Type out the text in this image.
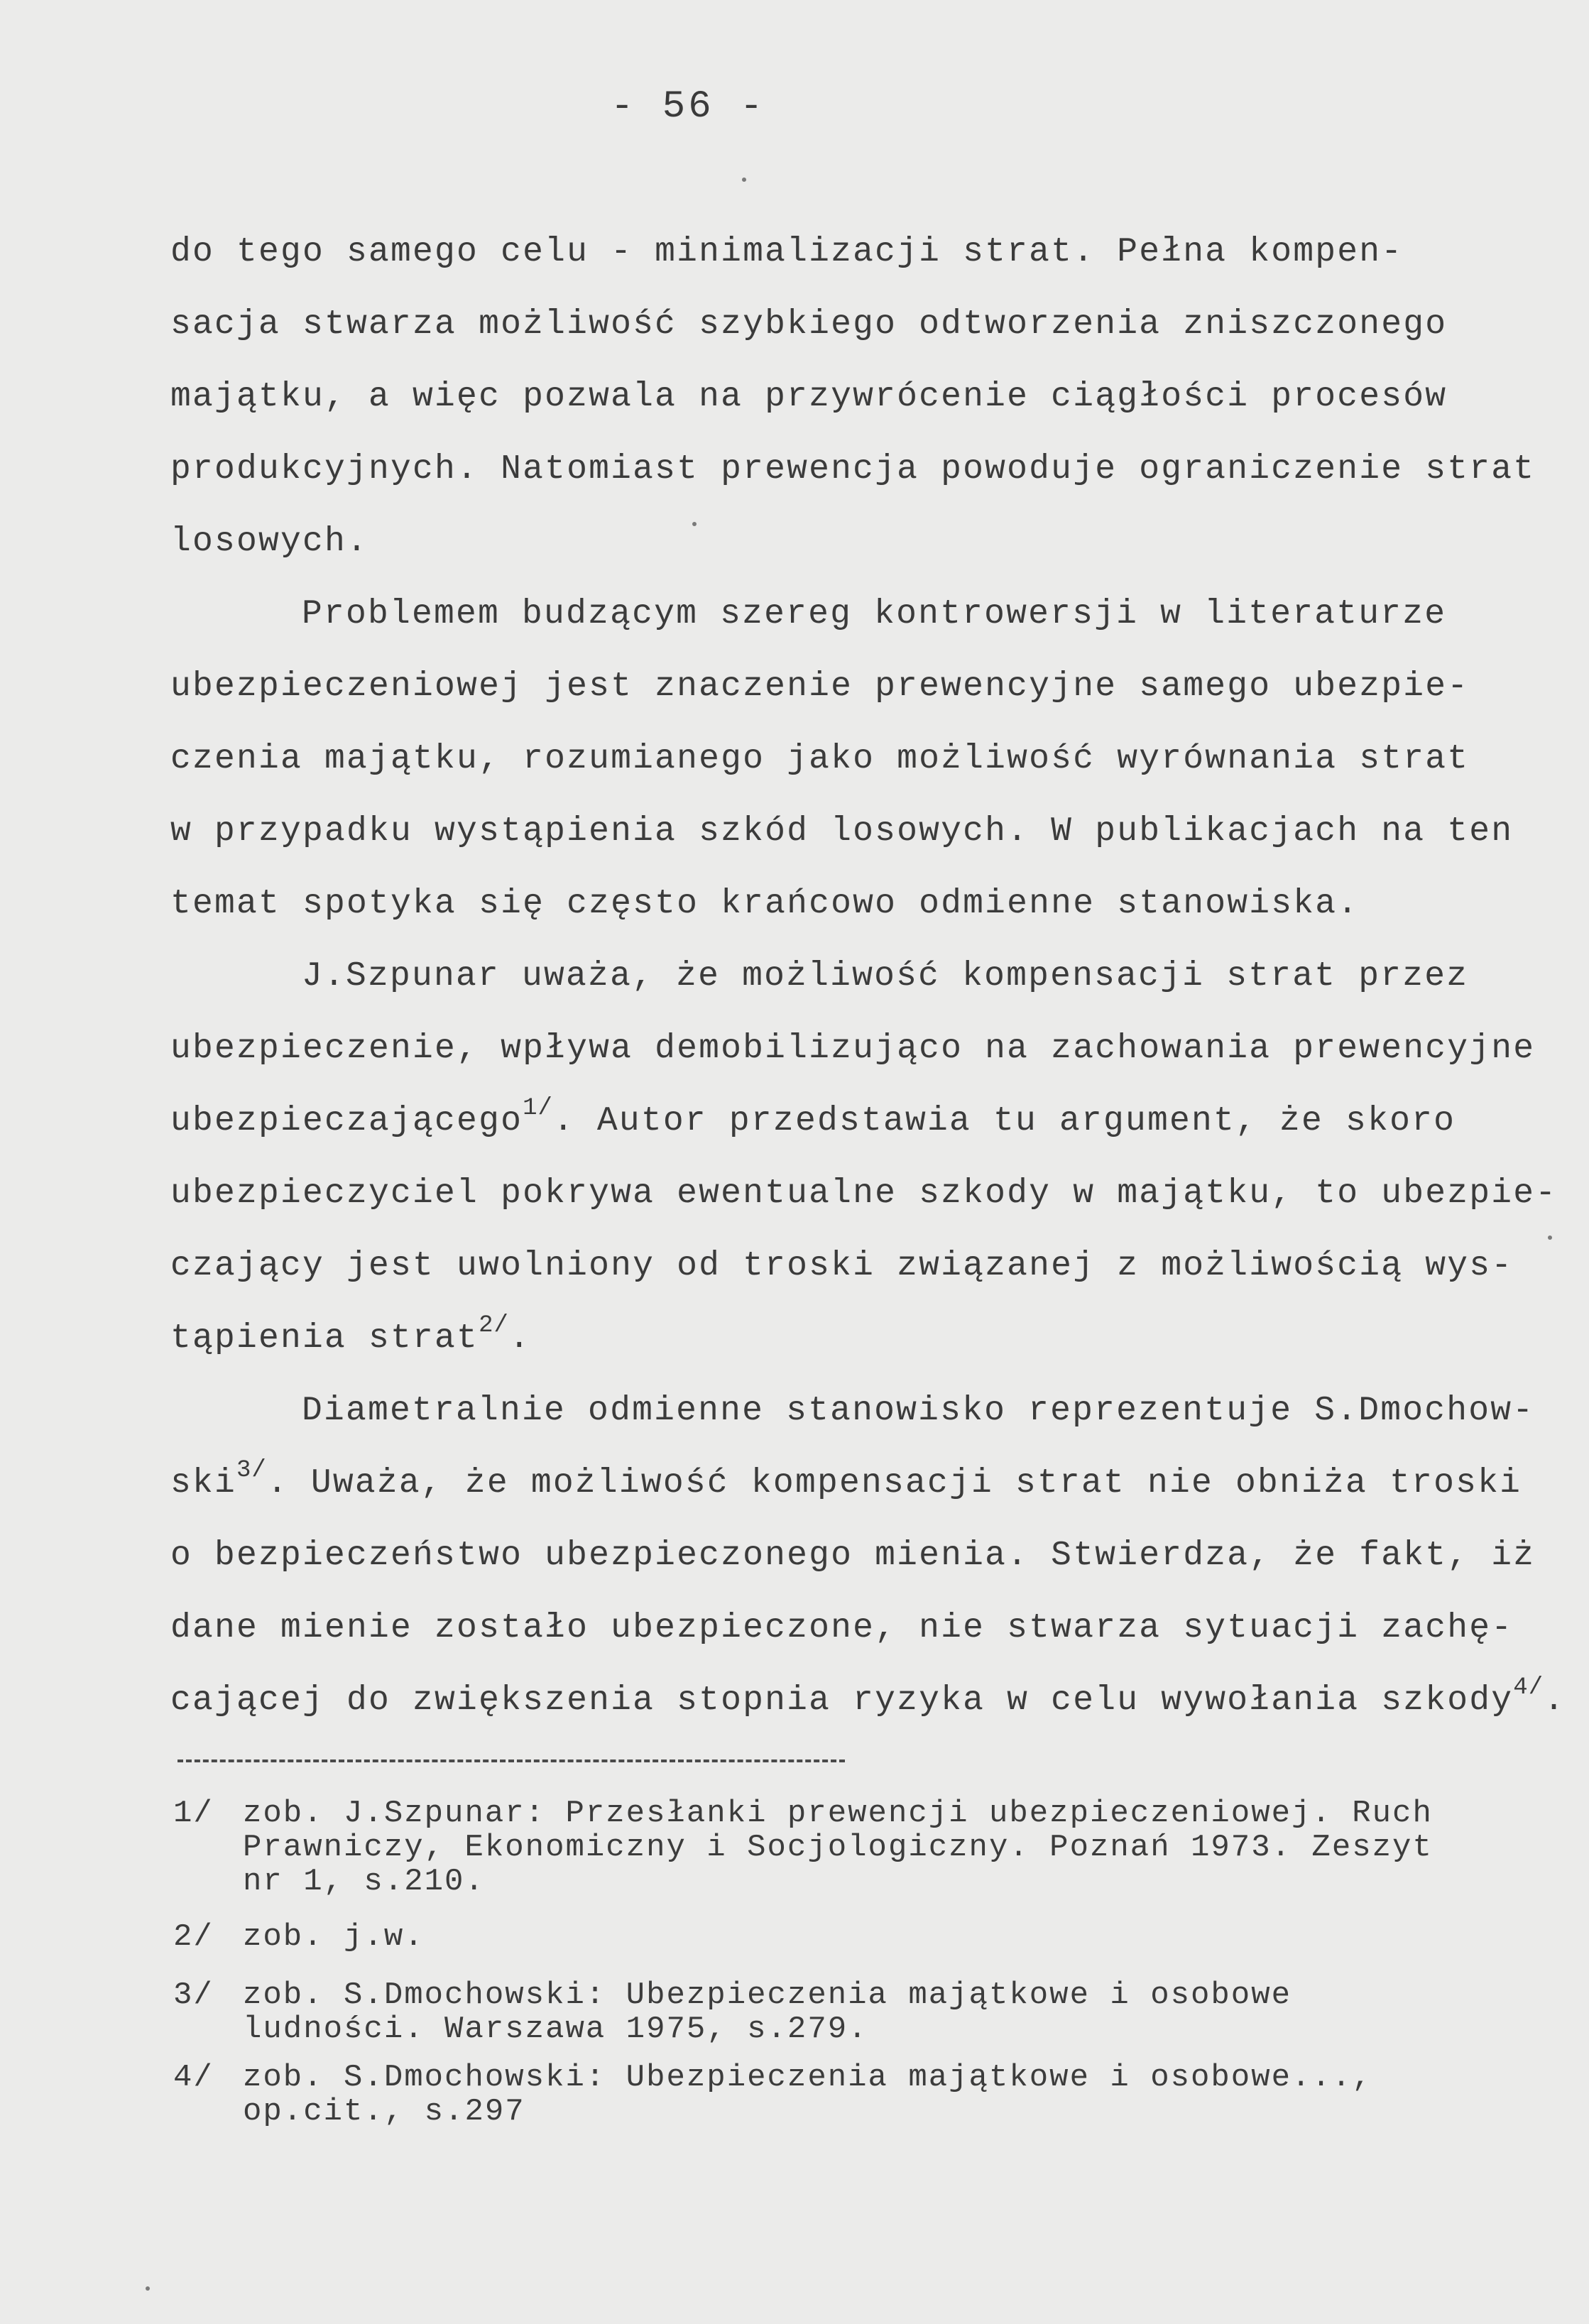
- 56 -
do tego samego celu - minimalizacji strat. Pełna kompen-
sacja stwarza możliwość szybkiego odtworzenia zniszczonego
majątku, a więc pozwala na przywrócenie ciągłości procesów
produkcyjnych. Natomiast prewencja powoduje ograniczenie strat
losowych.
Problemem budzącym szereg kontrowersji w literaturze
ubezpieczeniowej jest znaczenie prewencyjne samego ubezpie-
czenia majątku, rozumianego jako możliwość wyrównania strat
w przypadku wystąpienia szkód losowych. W publikacjach na ten
temat spotyka się często krańcowo odmienne stanowiska.
J.Szpunar uważa, że możliwość kompensacji strat przez
ubezpieczenie, wpływa demobilizująco na zachowania prewencyjne
ubezpieczającego$^{1/}$. Autor przedstawia tu argument, że skoro
ubezpieczyciel pokrywa ewentualne szkody w majątku, to ubezpie-
czający jest uwolniony od troski związanej z możliwością wys-
tąpienia strat$^{2/}$.
Diametralnie odmienne stanowisko reprezentuje S.Dmochow-
ski$^{3/}$. Uważa, że możliwość kompensacji strat nie obniża troski
o bezpieczeństwo ubezpieczonego mienia. Stwierdza, że fakt, iż
dane mienie zostało ubezpieczone, nie stwarza sytuacji zachę-
cającej do zwiększenia stopnia ryzyka w celu wywołania szkody$^{4/}$.
1/ zob. J.Szpunar: Przesłanki prewencji ubezpieczeniowej. Ruch
Prawniczy, Ekonomiczny i Socjologiczny. Poznań 1973. Zeszyt
nr 1, s.210.
2/ zob. j.w.
3/ zob. S.Dmochowski: Ubezpieczenia majątkowe i osobowe
ludności. Warszawa 1975, s.279.
4/ zob. S.Dmochowski: Ubezpieczenia majątkowe i osobowe...,
op.cit., s.297
